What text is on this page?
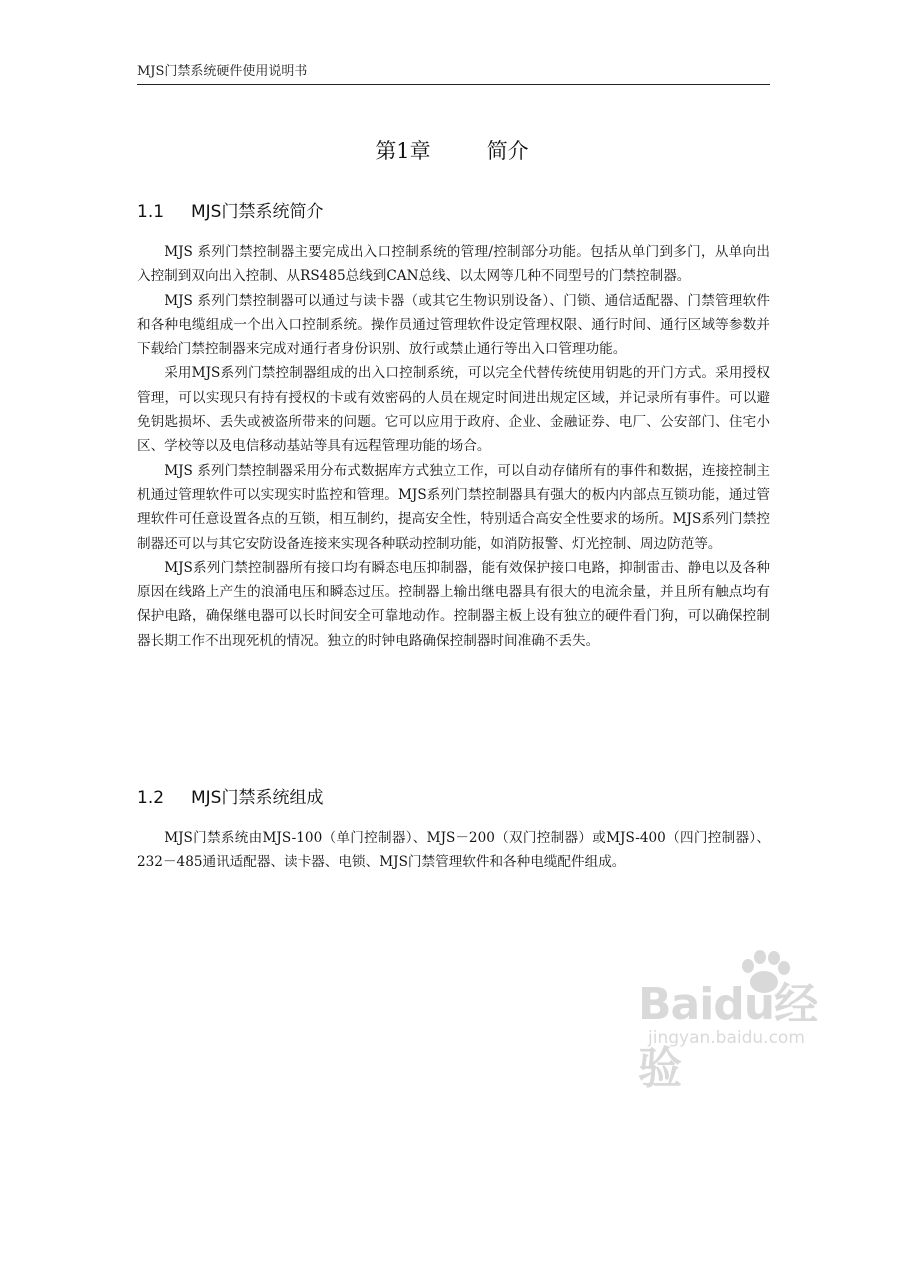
MJS门禁系统硬件使用说明书
第1章	简介
1.1 MJS门禁系统简介

MJS 系列门禁控制器主要完成出入口控制系统的管理/控制部分功能。包括从单门到多门，从单向出入控制到双向出入控制、从RS485总线到CAN总线、以太网等几种不同型号的门禁控制器。

MJS 系列门禁控制器可以通过与读卡器（或其它生物识别设备）、门锁、通信适配器、门禁管理软件和各种电缆组成一个出入口控制系统。操作员通过管理软件设定管理权限、通行时间、通行区域等参数并下载给门禁控制器来完成对通行者身份识别、放行或禁止通行等出入口管理功能。

采用MJS系列门禁控制器组成的出入口控制系统，可以完全代替传统使用钥匙的开门方式。采用授权管理，可以实现只有持有授权的卡或有效密码的人员在规定时间进出规定区域，并记录所有事件。可以避免钥匙损坏、丢失或被盗所带来的问题。它可以应用于政府、企业、金融证券、电厂、公安部门、住宅小区、学校等以及电信移动基站等具有远程管理功能的场合。

MJS 系列门禁控制器采用分布式数据库方式独立工作，可以自动存储所有的事件和数据，连接控制主机通过管理软件可以实现实时监控和管理。MJS系列门禁控制器具有强大的板内内部点互锁功能，通过管理软件可任意设置各点的互锁，相互制约，提高安全性，特别适合高安全性要求的场所。MJS系列门禁控制器还可以与其它安防设备连接来实现各种联动控制功能，如消防报警、灯光控制、周边防范等。

MJS系列门禁控制器所有接口均有瞬态电压抑制器，能有效保护接口电路，抑制雷击、静电以及各种原因在线路上产生的浪涌电压和瞬态过压。控制器上输出继电器具有很大的电流余量，并且所有触点均有保护电路，确保继电器可以长时间安全可靠地动作。控制器主板上设有独立的硬件看门狗，可以确保控制器长期工作不出现死机的情况。独立的时钟电路确保控制器时间准确不丢失。

1.2 MJS门禁系统组成

MJS门禁系统由MJS-100（单门控制器）、MJS－200（双门控制器）或MJS-400（四门控制器）、232－485通讯适配器、读卡器、电锁、MJS门禁管理软件和各种电缆配件组成。

Baidu经验
jingyan.baidu.com
